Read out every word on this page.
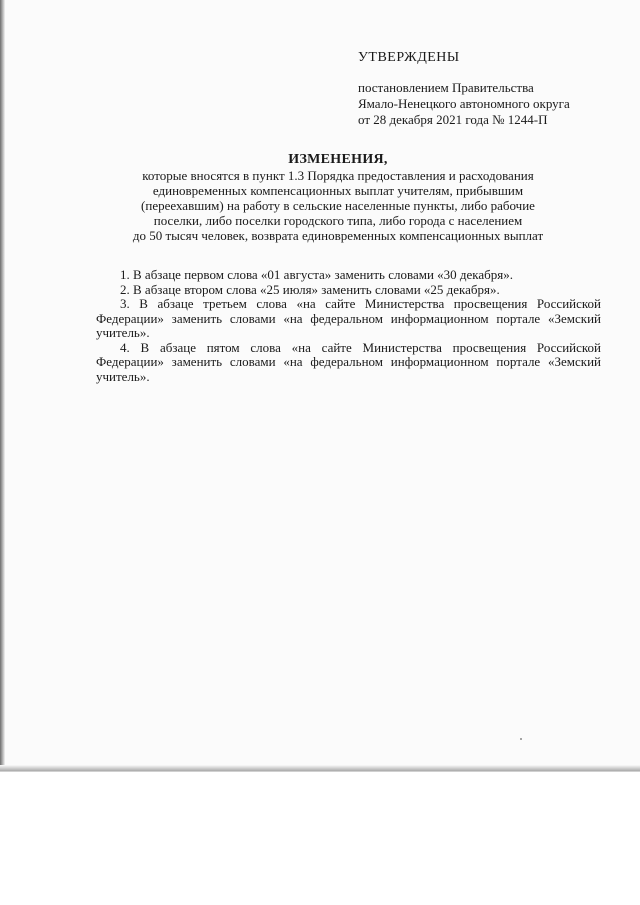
УТВЕРЖДЕНЫ
постановлением Правительства
Ямало-Ненецкого автономного округа
от 28 декабря 2021 года № 1244-П
ИЗМЕНЕНИЯ,
которые вносятся в пункт 1.3 Порядка предоставления и расходования
единовременных компенсационных выплат учителям, прибывшим
(переехавшим) на работу в сельские населенные пункты, либо рабочие
поселки, либо поселки городского типа, либо города с населением
до 50 тысяч человек, возврата единовременных компенсационных выплат

1. В абзаце первом слова «01 августа» заменить словами «30 декабря».

2. В абзаце втором слова «25 июля» заменить словами «25 декабря».

3. В абзаце третьем слова «на сайте Министерства просвещения Российской Федерации» заменить словами «на федеральном информационном портале «Земский учитель».

4. В абзаце пятом слова «на сайте Министерства просвещения Российской Федерации» заменить словами «на федеральном информационном портале «Земский учитель».
